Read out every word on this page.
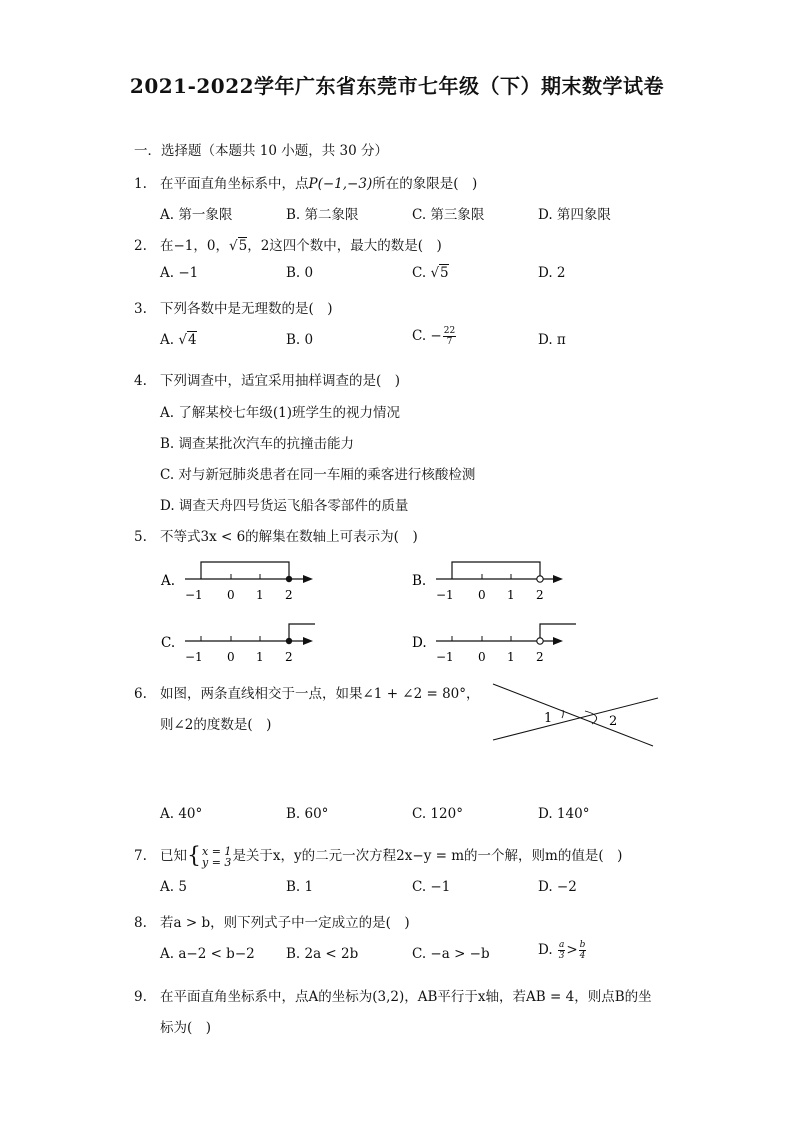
2021-2022学年广东省东莞市七年级（下）期末数学试卷
一．选择题（本题共 10 小题，共 30 分）
1. 在平面直角坐标系中，点P(−1,−3)所在的象限是(　)
A. 第一象限	B. 第二象限	C. 第三象限	D. 第四象限
2. 在−1，0，√5，2这四个数中，最大的数是(　)
A. −1	B. 0	C. √5	D. 2
3. 下列各数中是无理数的是(　)
A. √4	B. 0	C. − $\frac{22}{7}$	D. π
4. 下列调查中，适宜采用抽样调查的是(　)
A. 了解某校七年级(1)班学生的视力情况
B. 调查某批次汽车的抗撞击能力
C. 对与新冠肺炎患者在同一车厢的乘客进行核酸检测
D. 调查天舟四号货运飞船各零部件的质量
5. 不等式3x < 6的解集在数轴上可表示为(　)
A.
−1 0 1 2
B.
−1 0 1 2
C.
−1 0 1 2
D.
−1 0 1 2
6. 如图，两条直线相交于一点，如果∠1 + ∠2 = 80°，
则∠2的度数是(　)	1	2
A. 40°	B. 60°	C. 120°	D. 140°
7. 已知{ x = 1
y = 3 是关于x，y的二元一次方程2x−y = m的一个解，则m的值是(　)
A. 5	B. 1	C. −1	D. −2
8. 若a > b，则下列式子中一定成立的是(　)
A. a−2 < b−2 B. 2a < 2b	C. −a > −b	D. $\frac{a}{3} > \frac{b}{4}$
9. 在平面直角坐标系中，点A的坐标为(3,2)，AB平行于x轴，若AB = 4，则点B的坐
标为(　)
